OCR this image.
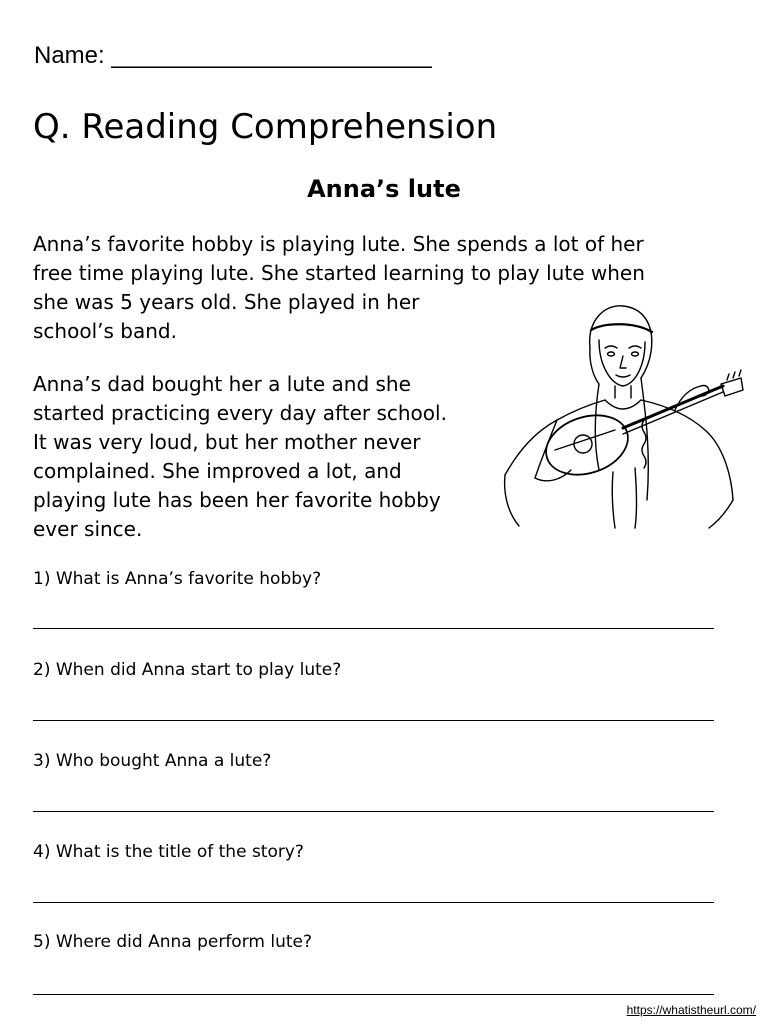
Name: ________________________
Q. Reading Comprehension
Anna’s lute
Anna’s favorite hobby is playing lute. She spends a lot of her
free time playing lute. She started learning to play lute when
she was 5 years old. She played in her
school’s band.
Anna’s dad bought her a lute and she
started practicing every day after school.
It was very loud, but her mother never
complained. She improved a lot, and
playing lute has been her favorite hobby
ever since.
1) What is Anna’s favorite hobby?
2) When did Anna start to play lute?
3) Who bought Anna a lute?
4) What is the title of the story?
5) Where did Anna perform lute?
https://whatistheurl.com/
